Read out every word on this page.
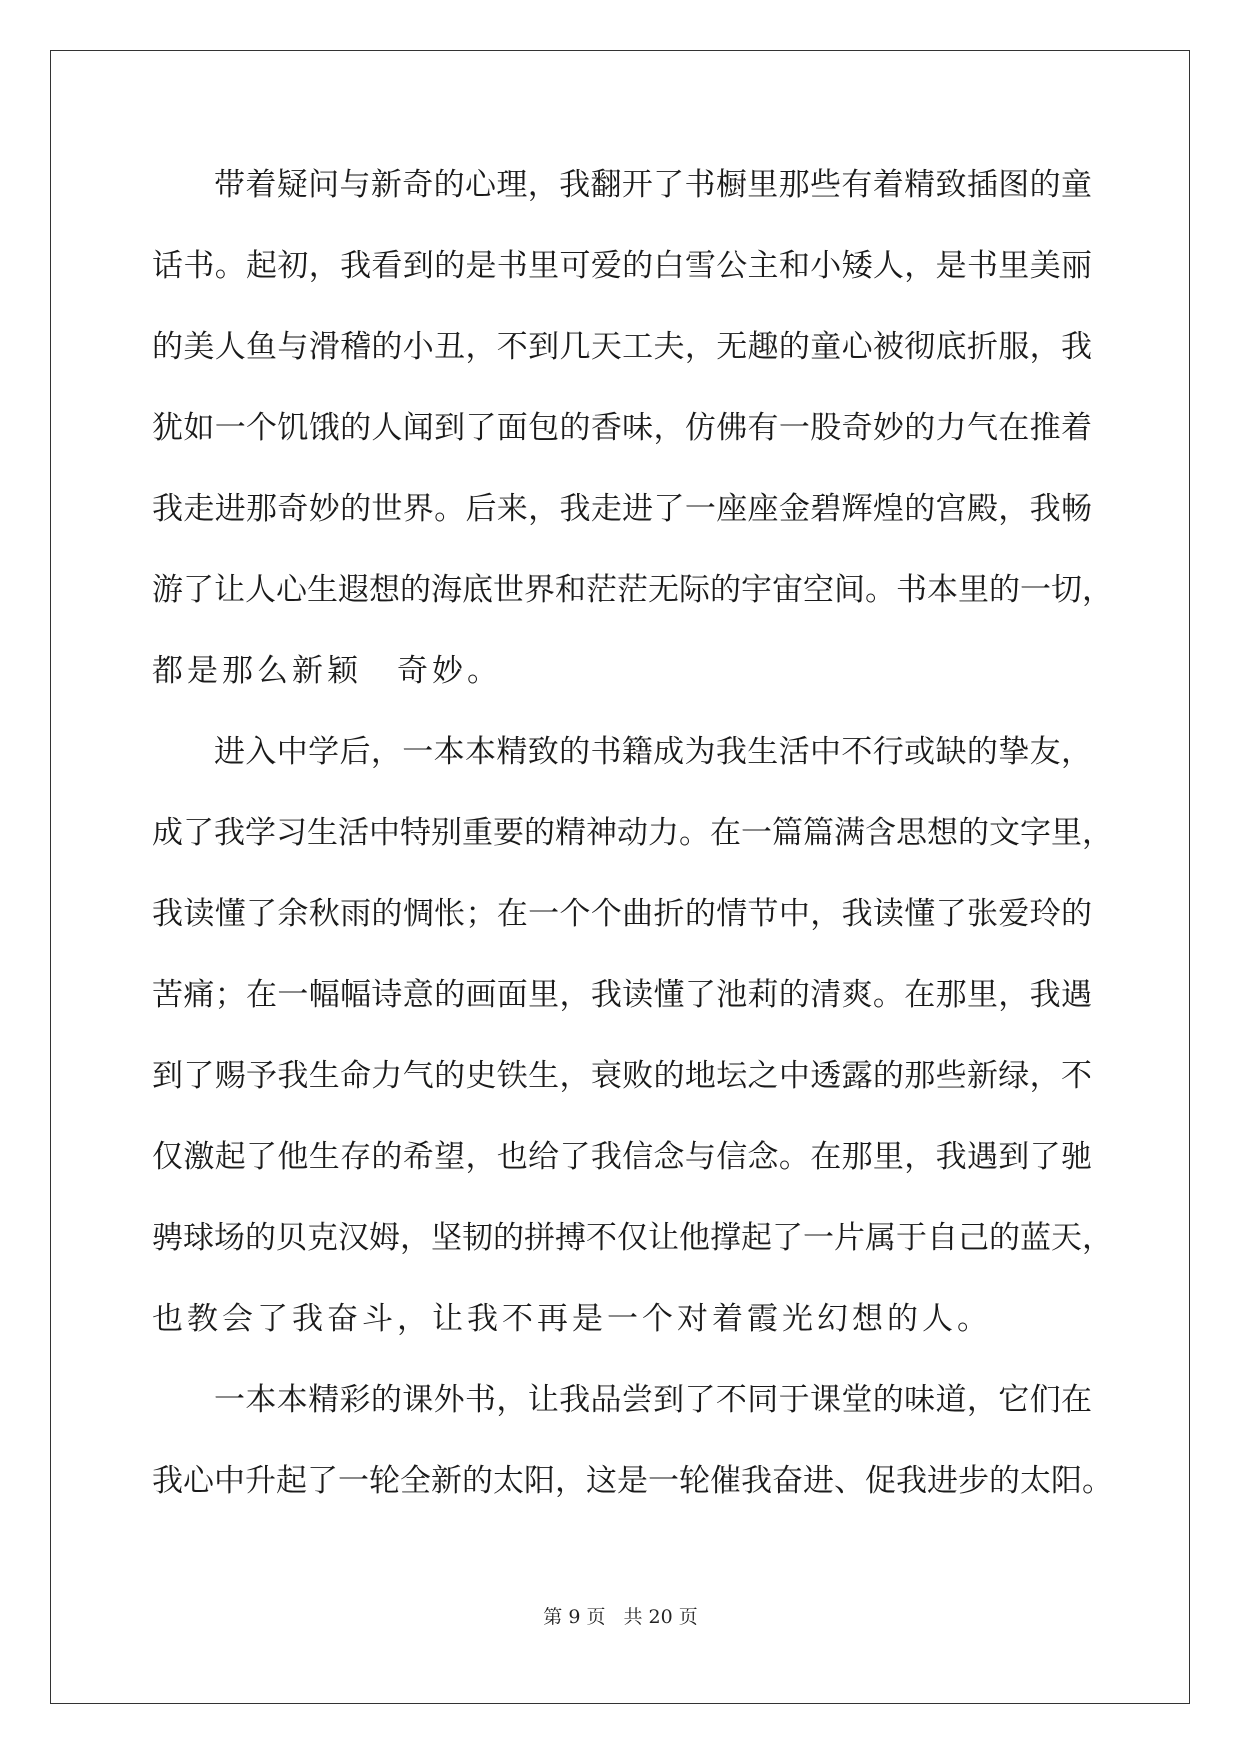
带着疑问与新奇的心理，我翻开了书橱里那些有着精致插图的童
话书。起初，我看到的是书里可爱的白雪公主和小矮人，是书里美丽
的美人鱼与滑稽的小丑，不到几天工夫，无趣的童心被彻底折服，我
犹如一个饥饿的人闻到了面包的香味，仿佛有一股奇妙的力气在推着
我走进那奇妙的世界。后来，我走进了一座座金碧辉煌的宫殿，我畅
游了让人心生遐想的海底世界和茫茫无际的宇宙空间。书本里的一切，
都是那么新颖　奇妙。
进入中学后，一本本精致的书籍成为我生活中不行或缺的挚友，
成了我学习生活中特别重要的精神动力。在一篇篇满含思想的文字里，
我读懂了余秋雨的惆怅；在一个个曲折的情节中，我读懂了张爱玲的
苦痛；在一幅幅诗意的画面里，我读懂了池莉的清爽。在那里，我遇
到了赐予我生命力气的史铁生，衰败的地坛之中透露的那些新绿，不
仅激起了他生存的希望，也给了我信念与信念。在那里，我遇到了驰
骋球场的贝克汉姆，坚韧的拼搏不仅让他撑起了一片属于自己的蓝天，
也教会了我奋斗，让我不再是一个对着霞光幻想的人。
一本本精彩的课外书，让我品尝到了不同于课堂的味道，它们在
我心中升起了一轮全新的太阳，这是一轮催我奋进、促我进步的太阳。
第 9 页 共 20 页
